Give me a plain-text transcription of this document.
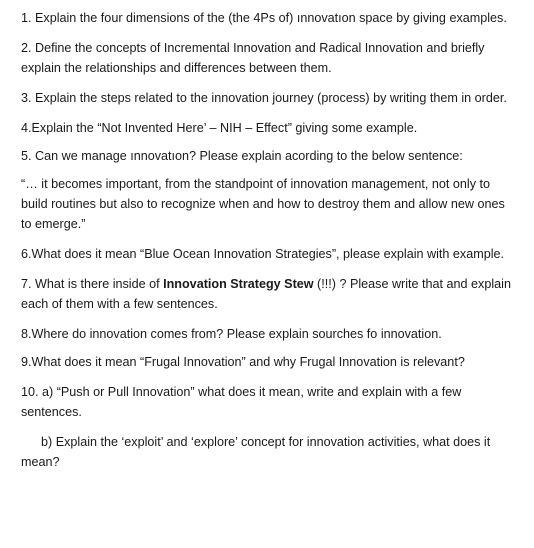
1. Explain the four dimensions of the (the 4Ps of) ınnovatıon space by giving examples.

2. Define the concepts of Incremental Innovation and Radical Innovation and briefly explain the relationships and differences between them.

3. Explain the steps related to the innovation journey (process) by writing them in order.

4.Explain the “Not Invented Here’ – NIH – Effect” giving some example.

5. Can we manage ınnovatıon? Please explain acording to the below sentence:

“… it becomes important, from the standpoint of innovation management, not only to build routines but also to recognize when and how to destroy them and allow new ones to emerge.”

6.What does it mean “Blue Ocean Innovation Strategies”, please explain with example.

7. What is there inside of Innovation Strategy Stew (!!!) ? Please write that and explain each of them with a few sentences.

8.Where do innovation comes from? Please explain sourches fo innovation.

9.What does it mean “Frugal Innovation” and why Frugal Innovation is relevant?

10. a) “Push or Pull Innovation” what does it mean, write and explain with a few sentences.

b) Explain the ‘exploit’ and ‘explore’ concept for innovation activities, what does it mean?
